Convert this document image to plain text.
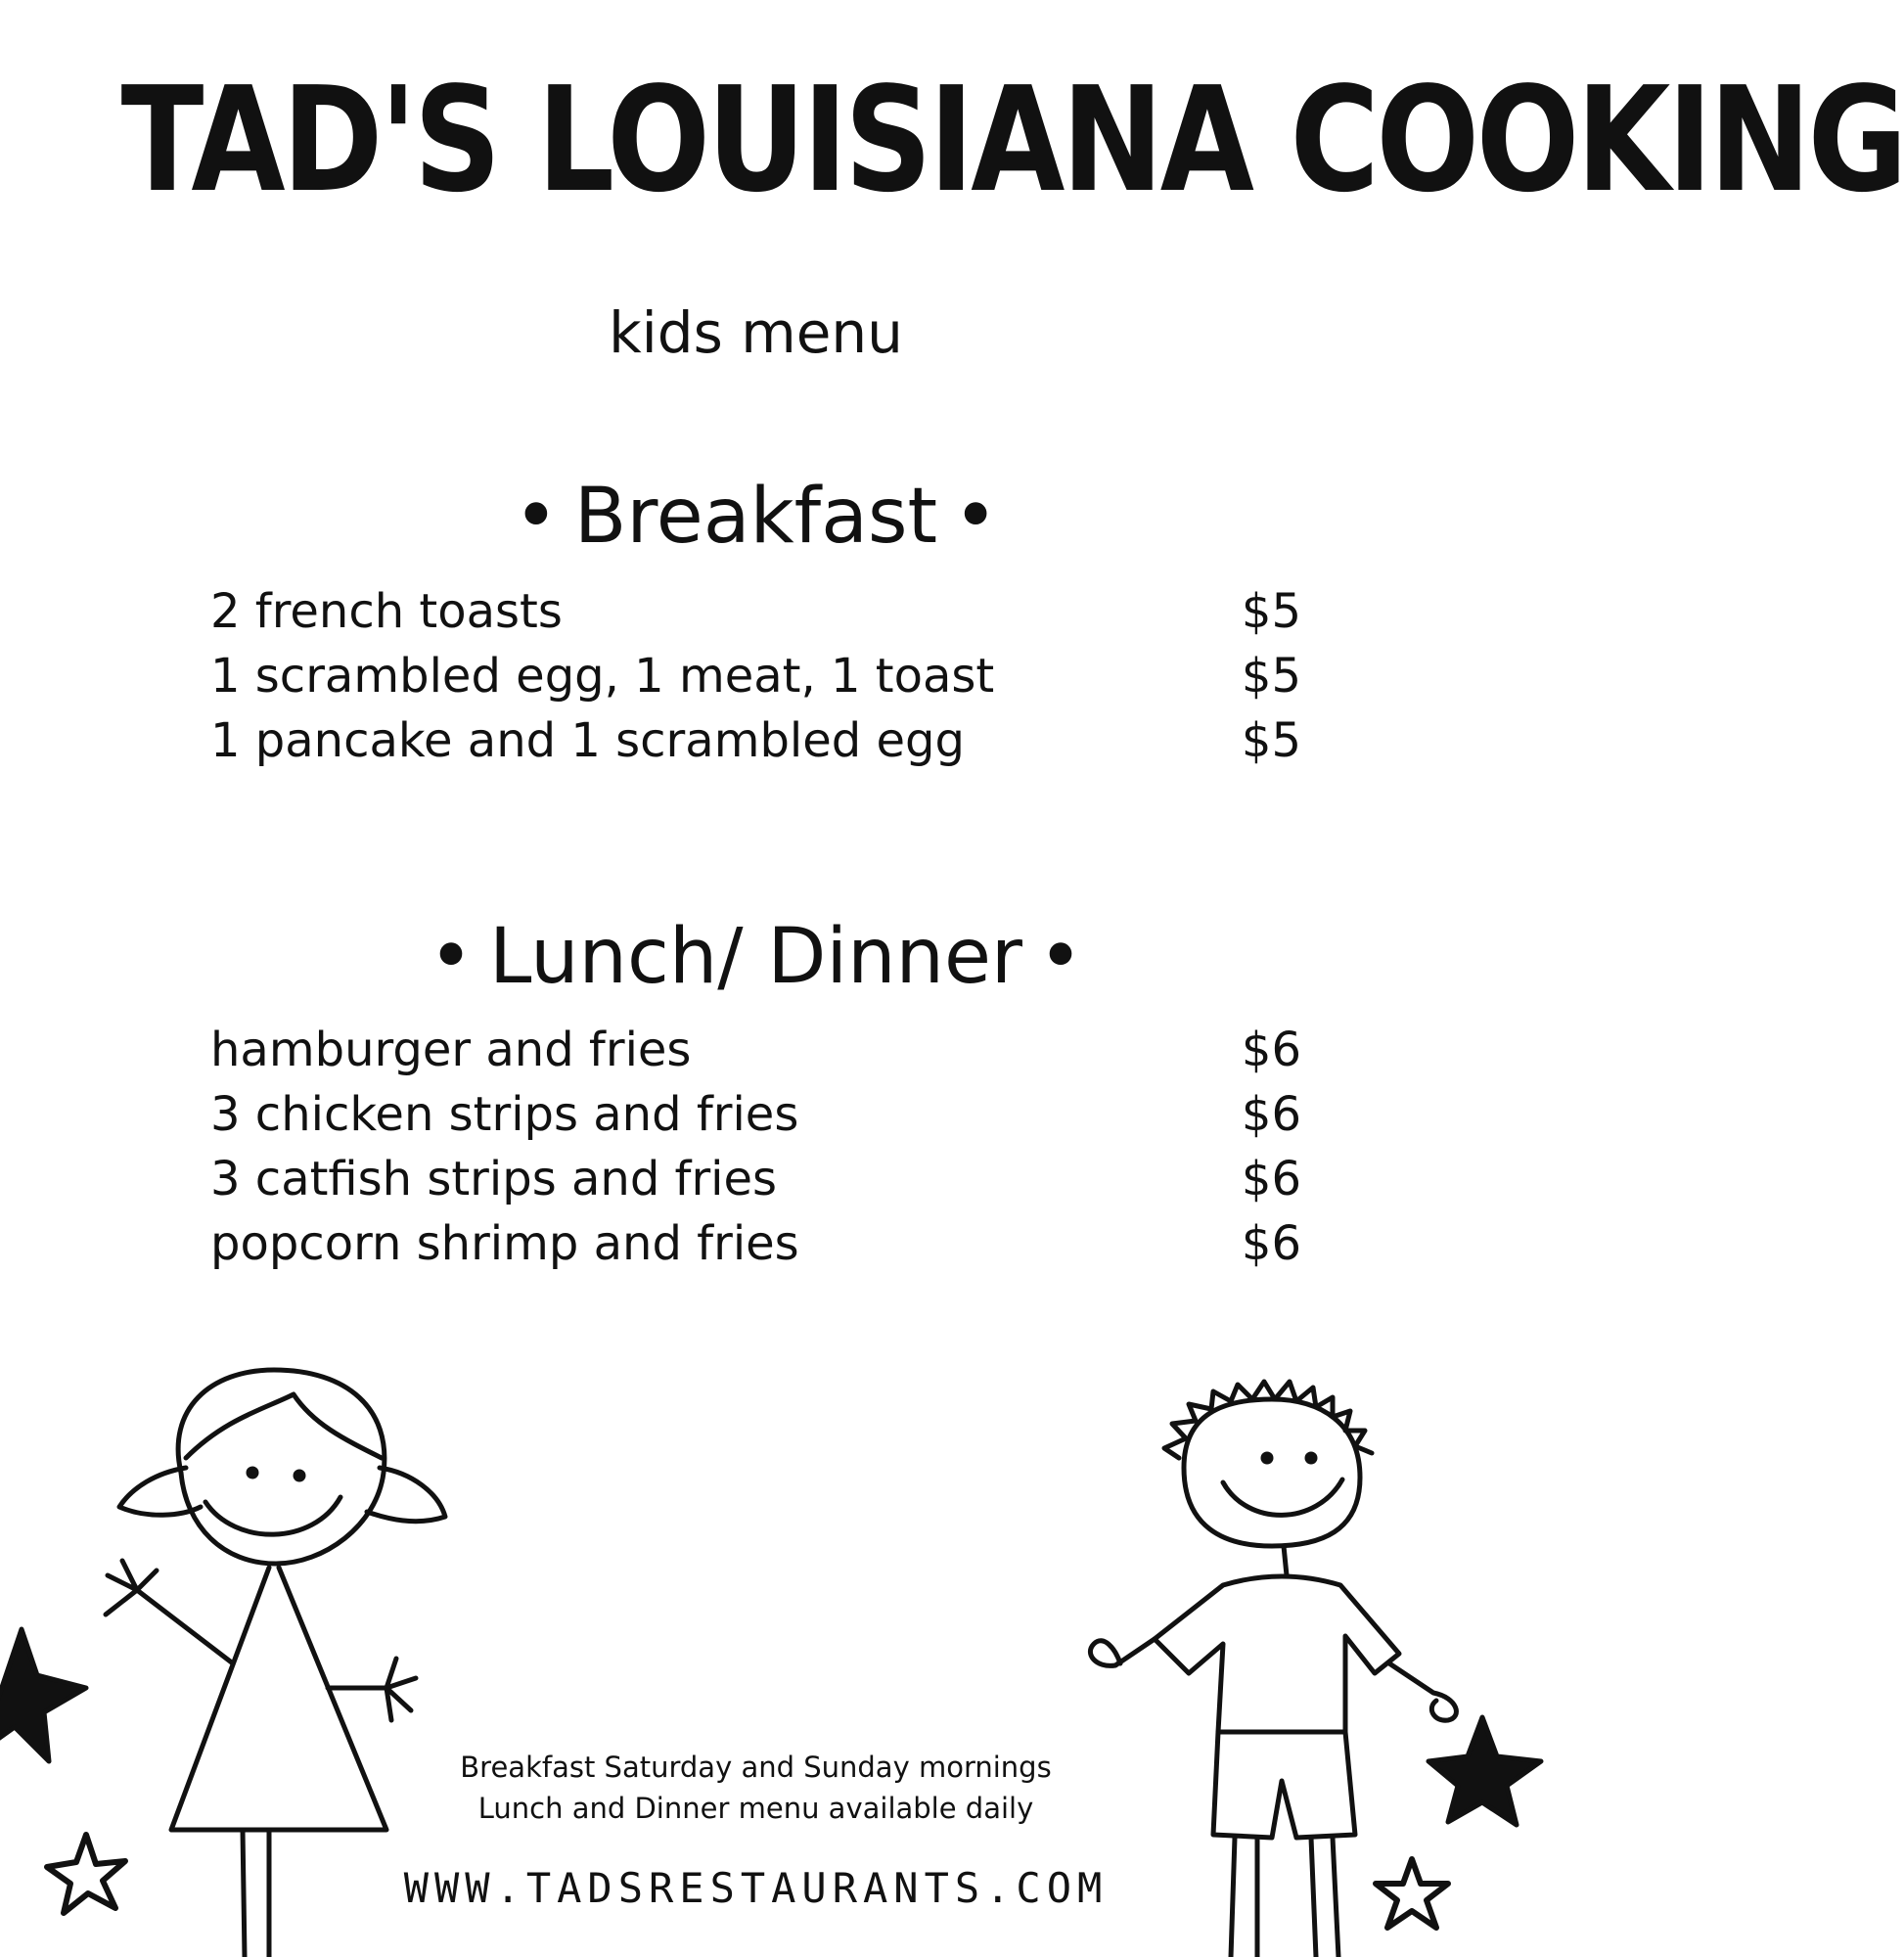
TAD'S LOUISIANA COOKING
kids menu
• Breakfast •
2 french toasts	$5
1 scrambled egg, 1 meat, 1 toast	$5
1 pancake and 1 scrambled egg	$5
• Lunch/ Dinner •
hamburger and fries	$6
3 chicken strips and fries	$6
3 catfish strips and fries	$6
popcorn shrimp and fries	$6
Breakfast Saturday and Sunday mornings
Lunch and Dinner menu available daily
WWW.TADSRESTAURANTS.COM
